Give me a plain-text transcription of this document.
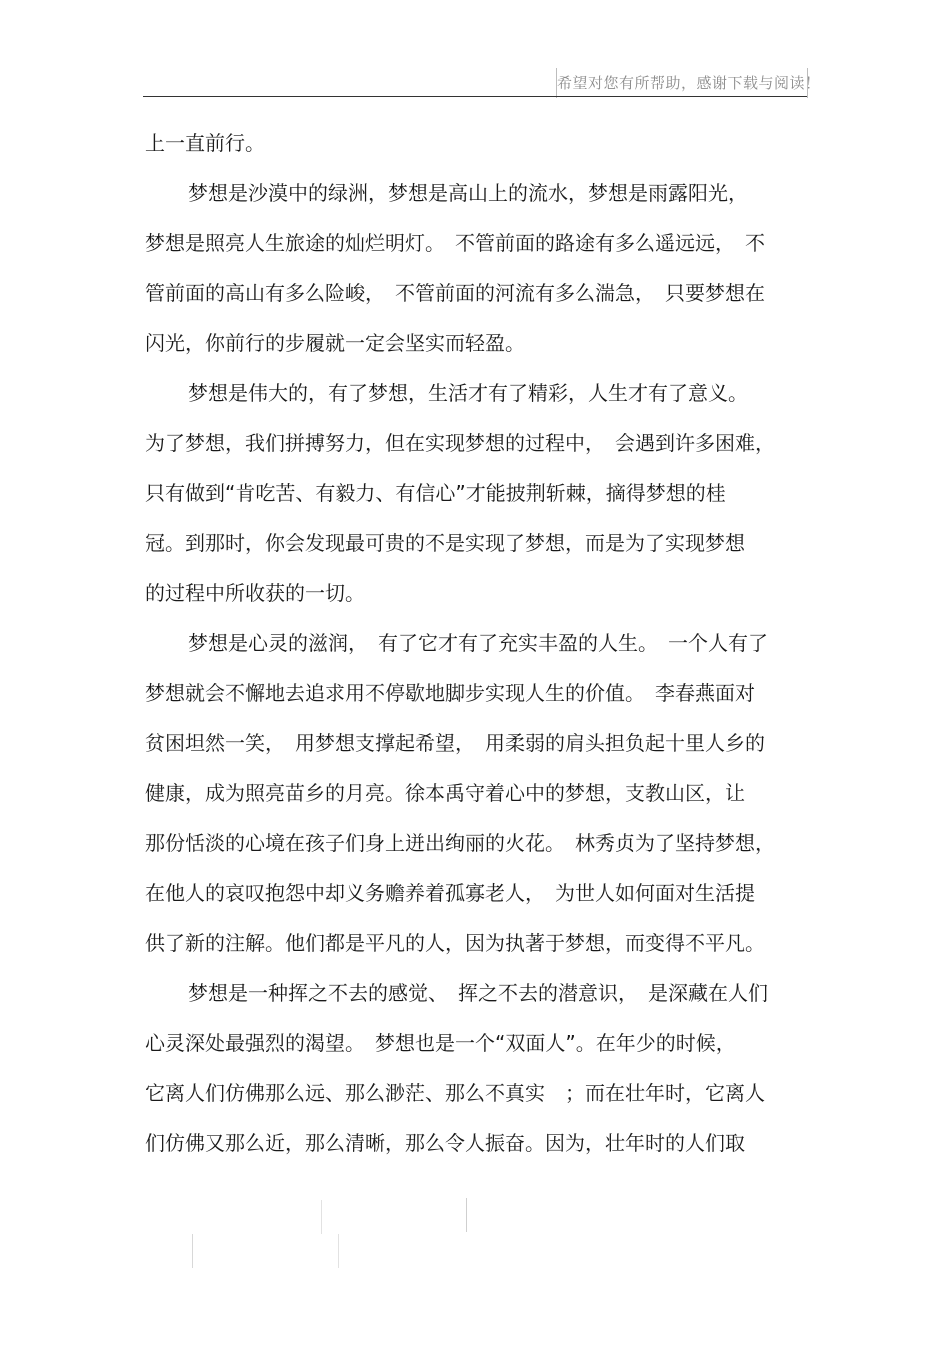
希望对您有所帮助，感谢下载与阅读！
上一直前行。
梦想是沙漠中的绿洲，梦想是高山上的流水，梦想是雨露阳光，
梦想是照亮人生旅途的灿烂明灯。　不管前面的路途有多么遥远远，　不
管前面的高山有多么险峻，　不管前面的河流有多么湍急，　只要梦想在
闪光，你前行的步履就一定会坚实而轻盈。
梦想是伟大的，有了梦想，生活才有了精彩，人生才有了意义。
为了梦想，我们拼搏努力，但在实现梦想的过程中，　会遇到许多困难，
只有做到“肯吃苦、有毅力、有信心”才能披荆斩棘，摘得梦想的桂
冠。到那时，你会发现最可贵的不是实现了梦想，而是为了实现梦想
的过程中所收获的一切。
梦想是心灵的滋润，　有了它才有了充实丰盈的人生。　一个人有了
梦想就会不懈地去追求用不停歇地脚步实现人生的价值。　李春燕面对
贫困坦然一笑，　用梦想支撑起希望，　用柔弱的肩头担负起十里人乡的
健康，成为照亮苗乡的月亮。徐本禹守着心中的梦想，支教山区，让
那份恬淡的心境在孩子们身上迸出绚丽的火花。　林秀贞为了坚持梦想，
在他人的哀叹抱怨中却义务赡养着孤寡老人，　为世人如何面对生活提
供了新的注解。他们都是平凡的人，因为执著于梦想，而变得不平凡。
梦想是一种挥之不去的感觉、　挥之不去的潜意识，　是深藏在人们
心灵深处最强烈的渴望。　梦想也是一个“双面人”。在年少的时候，
它离人们仿佛那么远、那么渺茫、那么不真实　；而在壮年时，它离人
们仿佛又那么近，那么清晰，那么令人振奋。因为，壮年时的人们取
